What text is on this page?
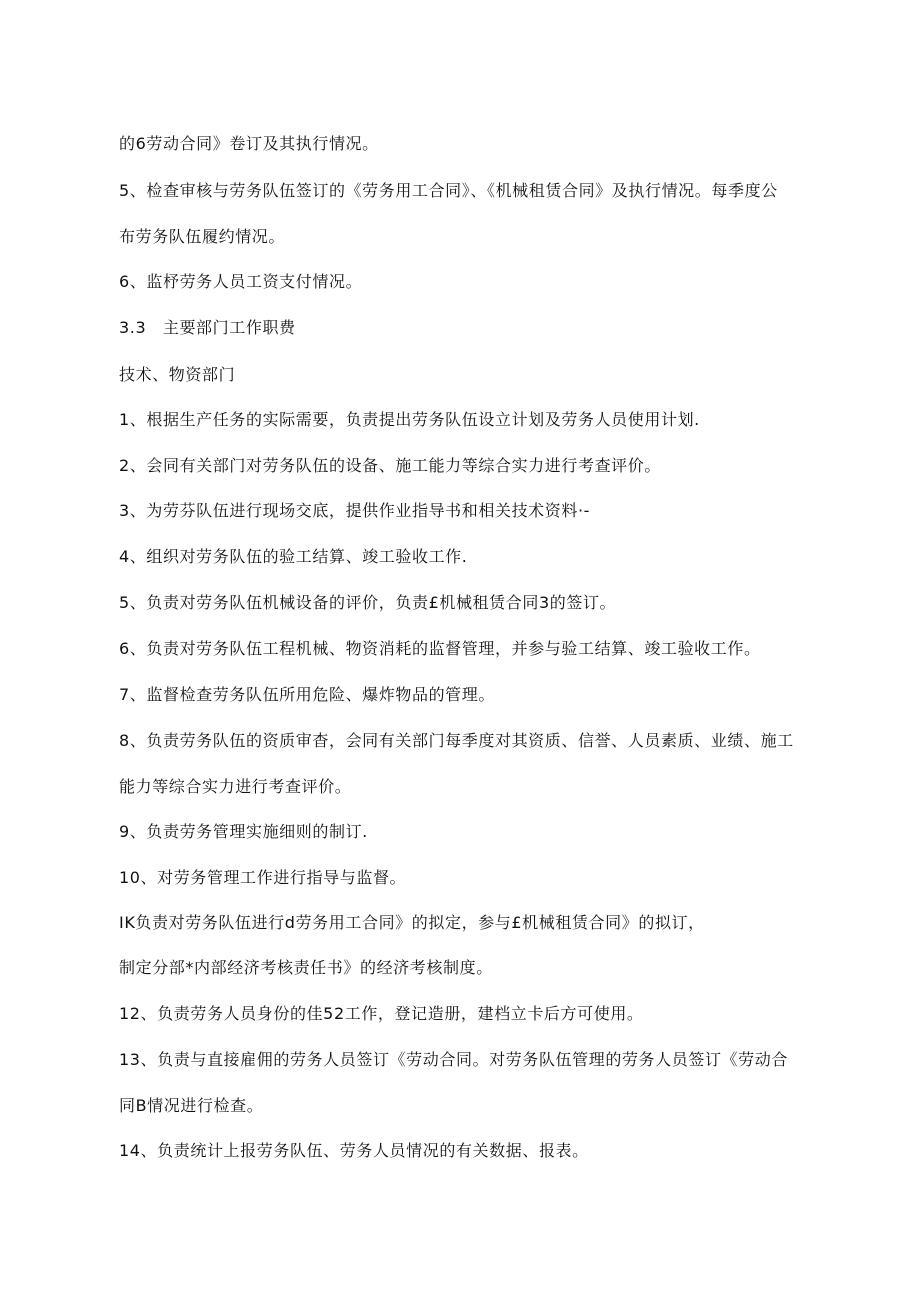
的6劳动合同》卷订及其执行情况。
5、检查审核与劳务队伍签订的《劳务用工合同》、《机械租赁合同》及执行情况。每季度公
布劳务队伍履约情况。
6、监杼劳务人员工资支付情况。
3.3　主要部门工作职费
技术、物资部门
1、根据生产任务的实际需要，负责提出劳务队伍设立计划及劳务人员使用计划.
2、会同有关部门对劳务队伍的设备、施工能力等综合实力进行考查评价。
3、为劳芬队伍进行现场交底，提供作业指导书和相关技术资料·-
4、组织对劳务队伍的验工结算、竣工验收工作.
5、负责对劳务队伍机械设备的评价，负责£机械租赁合同3的签订。
6、负责对劳务队伍工程机械、物资消耗的监督管理，并参与验工结算、竣工验收工作。
7、监督检查劳务队伍所用危险、爆炸物品的管理。
8、负责劳务队伍的资质审杳，会同有关部门每季度对其资质、信誉、人员素质、业绩、施工
能力等综合实力进行考查评价。
9、负责劳务管理实施细则的制订.
10、对劳务管理工作进行指导与监督。
IK负责对劳务队伍进行d劳务用工合同》的拟定，参与£机械租赁合同》的拟订，
制定分部*内部经济考核责任书》的经济考核制度。
12、负责劳务人员身份的佳52工作，登记造册，建档立卡后方可使用。
13、负责与直接雇佣的劳务人员签订《劳动合同。对劳务队伍管理的劳务人员签订《劳动合
同B情况进行检查。
14、负责统计上报劳务队伍、劳务人员情况的有关数据、报表。
